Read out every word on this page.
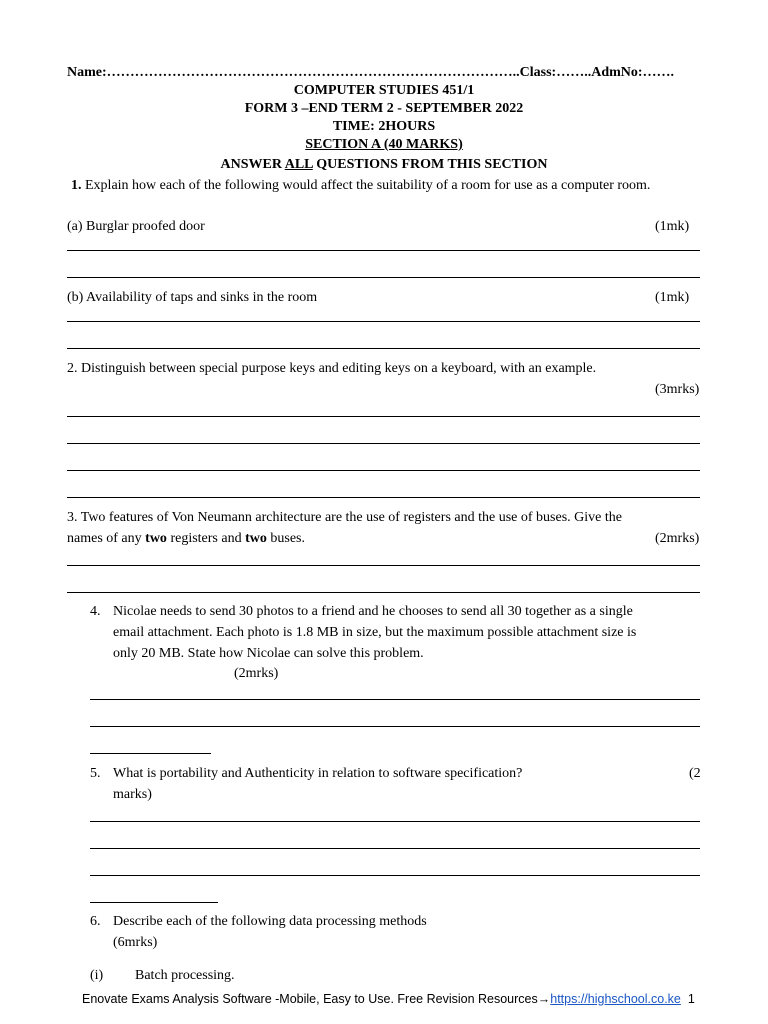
Name:……………………………………………………………………………..Class:……..AdmNo:…….
COMPUTER STUDIES 451/1
FORM 3 –END TERM 2 - SEPTEMBER 2022
TIME: 2HOURS
SECTION A (40 MARKS)
ANSWER ALL QUESTIONS FROM THIS SECTION
1. Explain how each of the following would affect the suitability of a room for use as a computer room.
(a) Burglar proofed door	(1mk)
(b) Availability of taps and sinks in the room	(1mk)
2. Distinguish between special purpose keys and editing keys on a keyboard, with an example.
(3mrks)
3. Two features of Von Neumann architecture are the use of registers and the use of buses. Give the
names of any two registers and two buses.	(2mrks)
4. Nicolae needs to send 30 photos to a friend and he chooses to send all 30 together as a single
email attachment. Each photo is 1.8 MB in size, but the maximum possible attachment size is
only 20 MB. State how Nicolae can solve this problem.
(2mrks)
5. What is portability and Authenticity in relation to software specification?	(2
marks)
6. Describe each of the following data processing methods
(6mrks)
(i) Batch processing.
Enovate Exams Analysis Software -Mobile, Easy to Use. Free Revision Resources→https://highschool.co.ke 1
